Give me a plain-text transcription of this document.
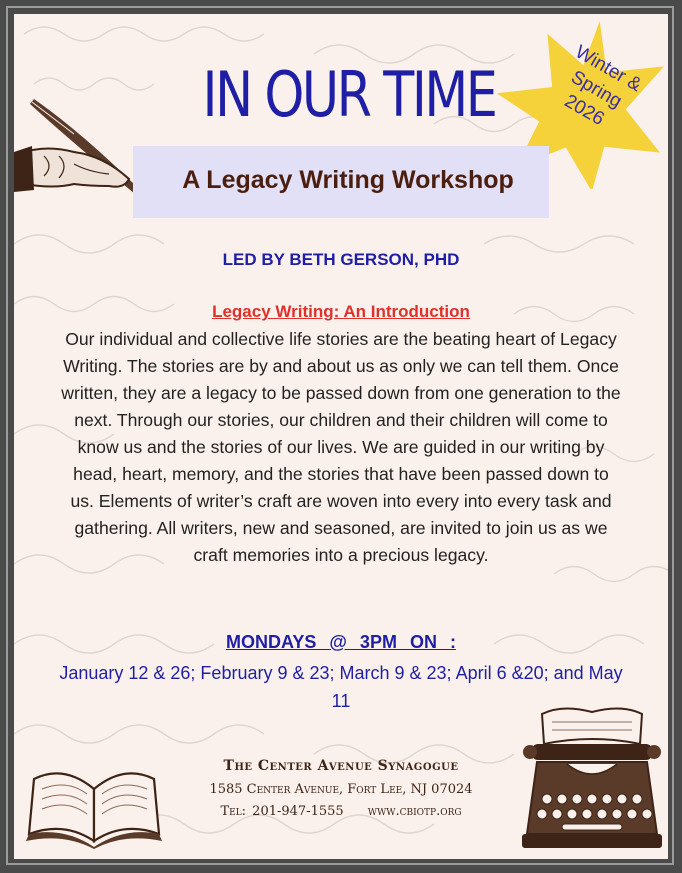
IN OUR TIME	Winter & Spring 2026
A Legacy Writing Workshop
LED BY BETH GERSON, PHD
Legacy Writing: An Introduction
Our individual and collective life stories are the beating heart of Legacy Writing. The stories are by and about us as only we can tell them. Once written, they are a legacy to be passed down from one generation to the next. Through our stories, our children and their children will come to know us and the stories of our lives. We are guided in our writing by head, heart, memory, and the stories that have been passed down to us. Elements of writer’s craft are woven into every into every task and gathering. All writers, new and seasoned, are invited to join us as we craft memories into a precious legacy.
MONDAYS @ 3PM ON :
January 12 & 26; February 9 & 23; March 9 & 23; April 6 &20; and May 11
The Center Avenue Synagogue
1585 Center Avenue, Fort Lee, NJ 07024
Tel: 201-947-1555 www.cbiotp.org
